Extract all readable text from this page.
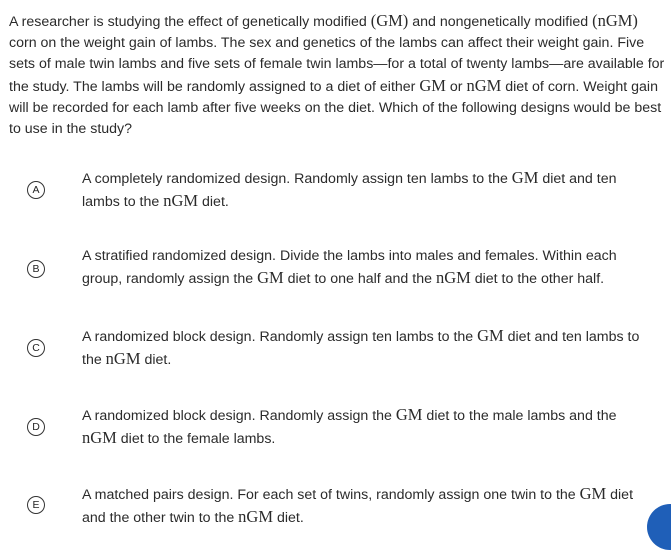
A researcher is studying the effect of genetically modified (GM) and nongenetically modified (nGM) corn on the weight gain of lambs. The sex and genetics of the lambs can affect their weight gain. Five sets of male twin lambs and five sets of female twin lambs—for a total of twenty lambs—are available for the study. The lambs will be randomly assigned to a diet of either GM or nGM diet of corn. Weight gain will be recorded for each lamb after five weeks on the diet. Which of the following designs would be best to use in the study?

A

A completely randomized design. Randomly assign ten lambs to the GM diet and ten lambs to the nGM diet.

B

A stratified randomized design. Divide the lambs into males and females. Within each group, randomly assign the GM diet to one half and the nGM diet to the other half.

C

A randomized block design. Randomly assign ten lambs to the GM diet and ten lambs to the nGM diet.

D

A randomized block design. Randomly assign the GM diet to the male lambs and the nGM diet to the female lambs.

E

A matched pairs design. For each set of twins, randomly assign one twin to the GM diet and the other twin to the nGM diet.
